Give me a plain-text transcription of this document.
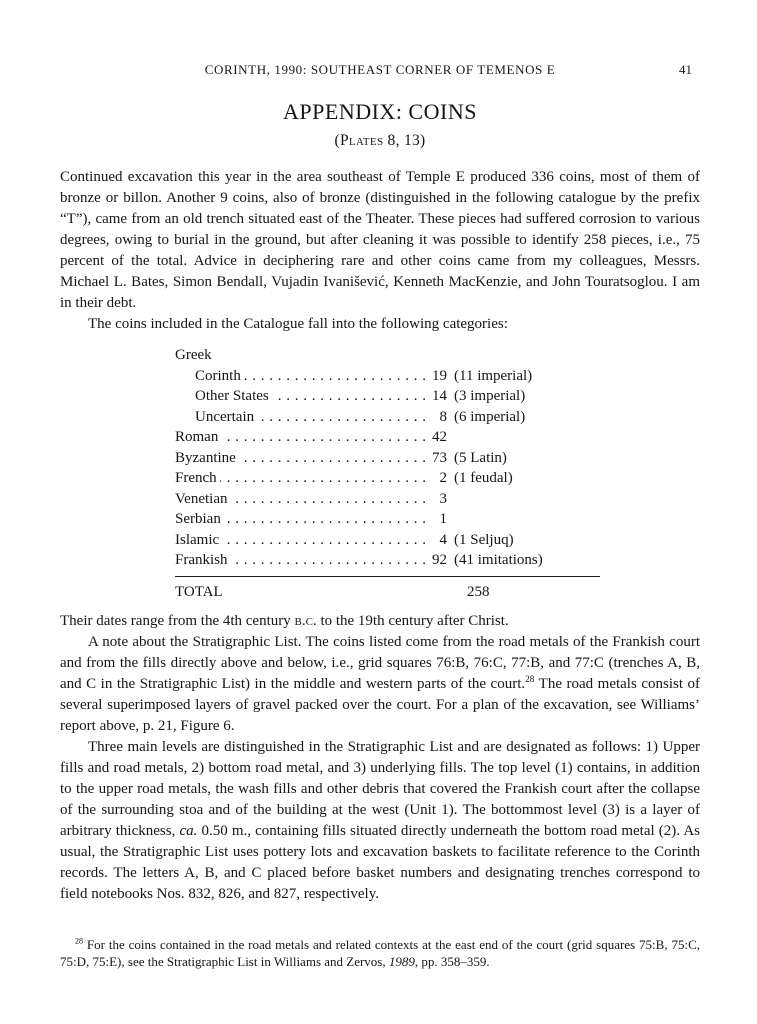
CORINTH, 1990: SOUTHEAST CORNER OF TEMENOS E	41
APPENDIX: COINS
(Plates 8, 13)

Continued excavation this year in the area southeast of Temple E produced 336 coins, most of them of bronze or billon. Another 9 coins, also of bronze (distinguished in the following catalogue by the prefix “T”), came from an old trench situated east of the Theater. These pieces had suffered corrosion to various degrees, owing to burial in the ground, but after cleaning it was possible to identify 258 pieces, i.e., 75 percent of the total. Advice in deciphering rare and other coins came from my colleagues, Messrs. Michael L. Bates, Simon Bendall, Vujadin Ivanišević, Kenneth MacKenzie, and John Touratsoglou. I am in their debt.

The coins included in the Catalogue fall into the following categories:

Greek
Corinth . . .	19 (11 imperial)
Other States . . .	14 (3 imperial)
Uncertain . . .	8 (6 imperial)
Roman . . .	42
Byzantine . . .	73 (5 Latin)
French . . .	2 (1 feudal)
Venetian . . .	3
Serbian . . .	1
Islamic . . .	4 (1 Seljuq)
Frankish . . .	92 (41 imitations)
TOTAL	258

Their dates range from the 4th century b.c. to the 19th century after Christ.

A note about the Stratigraphic List. The coins listed come from the road metals of the Frankish court and from the fills directly above and below, i.e., grid squares 76:B, 76:C, 77:B, and 77:C (trenches A, B, and C in the Stratigraphic List) in the middle and western parts of the court.$^{28}$ The road metals consist of several superimposed layers of gravel packed over the court. For a plan of the excavation, see Williams’ report above, p. 21, Figure 6.

Three main levels are distinguished in the Stratigraphic List and are designated as follows: 1) Upper fills and road metals, 2) bottom road metal, and 3) underlying fills. The top level (1) contains, in addition to the upper road metals, the wash fills and other debris that covered the Frankish court after the collapse of the surrounding stoa and of the building at the west (Unit 1). The bottommost level (3) is a layer of arbitrary thickness, ca. 0.50 m., containing fills situated directly underneath the bottom road metal (2). As usual, the Stratigraphic List uses pottery lots and excavation baskets to facilitate reference to the Corinth records. The letters A, B, and C placed before basket numbers and designating trenches correspond to field notebooks Nos. 832, 826, and 827, respectively.

$^{28}$ For the coins contained in the road metals and related contexts at the east end of the court (grid squares 75:B, 75:C, 75:D, 75:E), see the Stratigraphic List in Williams and Zervos, 1989, pp. 358–359.
